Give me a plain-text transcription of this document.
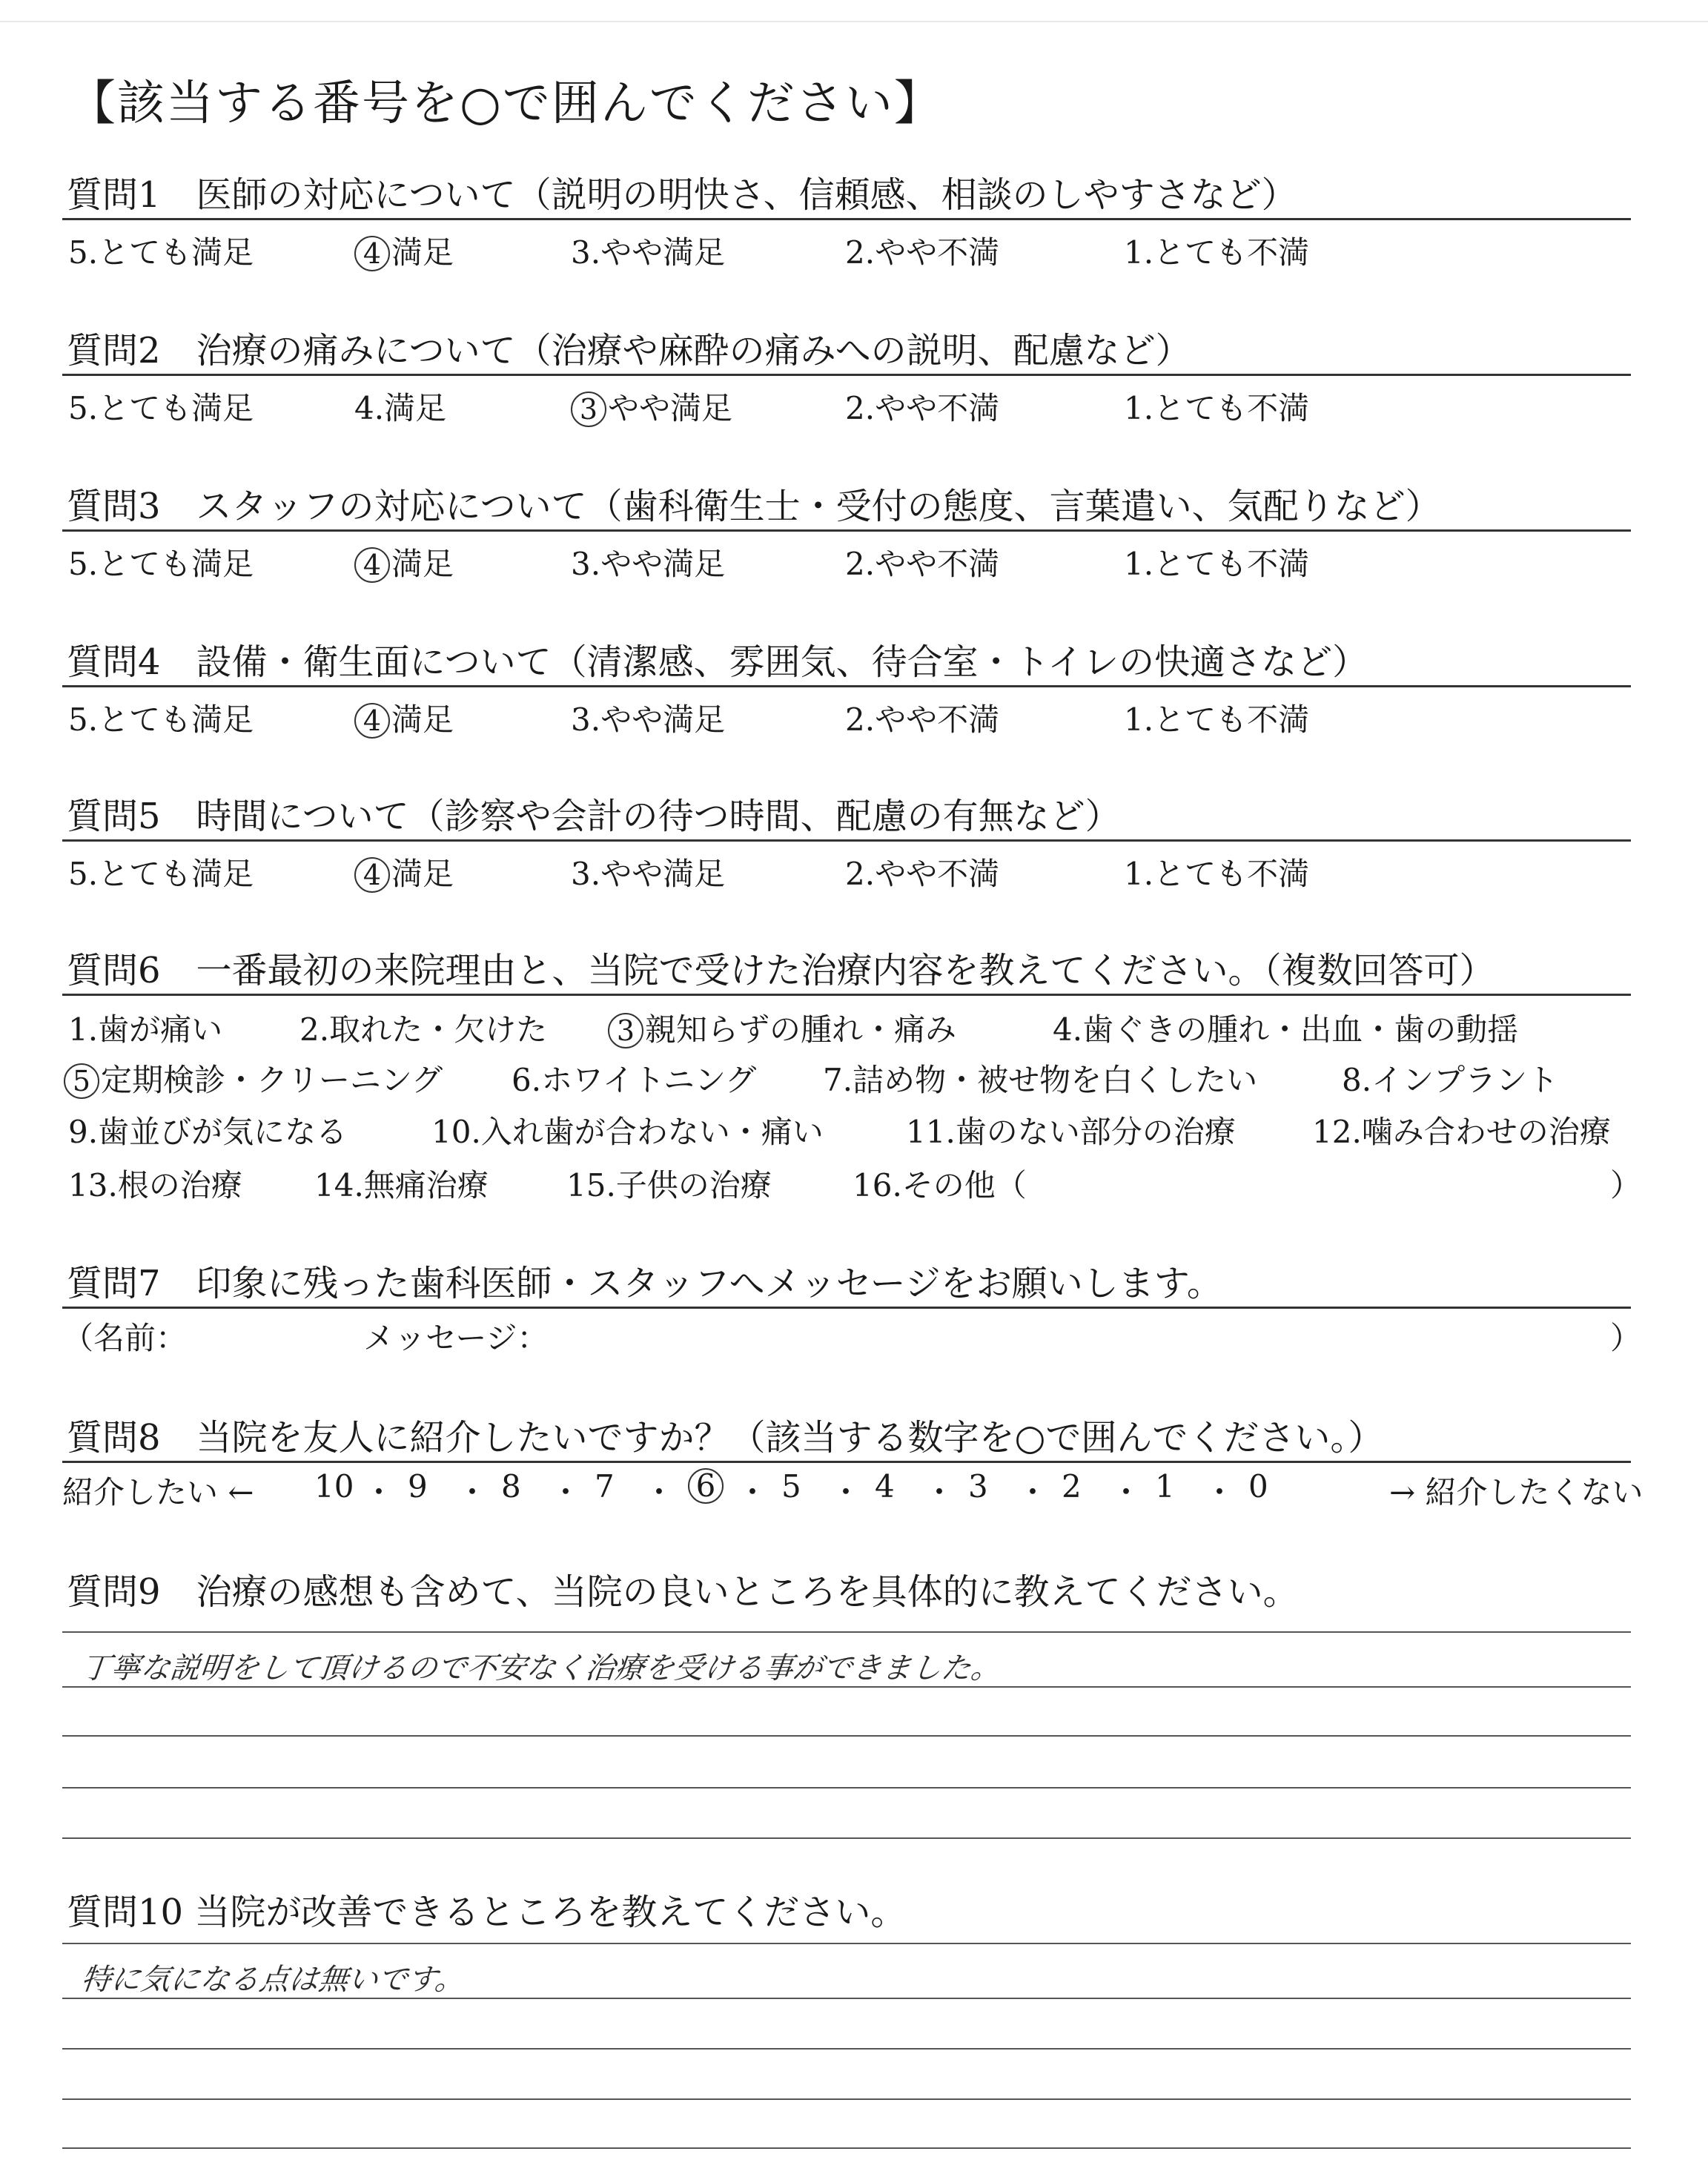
【該当する番号を○で囲んでください】
質問1　医師の対応について（説明の明快さ、信頼感、相談のしやすさなど）
5.とても満足	4 満足	3.やや満足	2.やや不満	1.とても不満
質問2　治療の痛みについて（治療や麻酔の痛みへの説明、配慮など）
5.とても満足	4.満足	3 やや満足	2.やや不満	1.とても不満
質問3　スタッフの対応について（歯科衛生士・受付の態度、言葉遣い、気配りなど）
5.とても満足	4 満足	3.やや満足	2.やや不満	1.とても不満
質問4　設備・衛生面について（清潔感、雰囲気、待合室・トイレの快適さなど）
5.とても満足	4 満足	3.やや満足	2.やや不満	1.とても不満
質問5　時間について（診察や会計の待つ時間、配慮の有無など）
5.とても満足	4 満足	3.やや満足	2.やや不満	1.とても不満
質問6　一番最初の来院理由と、当院で受けた治療内容を教えてください。（複数回答可）
1.歯が痛い 2.取れた・欠けた	3 親知らずの腫れ・痛み	4.歯ぐきの腫れ・出血・歯の動揺
5 定期検診・クリーニング 6.ホワイトニング 7.詰め物・被せ物を白くしたい	8.インプラント
9.歯並びが気になる	10.入れ歯が合わない・痛い	11.歯のない部分の治療 12.噛み合わせの治療
13.根の治療 14.無痛治療	15.子供の治療	16.その他（	）
質問7　印象に残った歯科医師・スタッフへメッセージをお願いします。
（名前：	メッセージ：	）
質問8　当院を友人に紹介したいですか？（該当する数字を○で囲んでください。）
紹介したい ←	→ 紹介したくない
10 ・ 9 ・ 8 ・ 7 ・ 6 ・ 5 ・ 4 ・ 3 ・ 2 ・ 1 ・ 0
質問9　治療の感想も含めて、当院の良いところを具体的に教えてください。
丁寧な説明をして頂けるので不安なく治療を受ける事ができました。
質問10 当院が改善できるところを教えてください。
特に気になる点は無いです。
